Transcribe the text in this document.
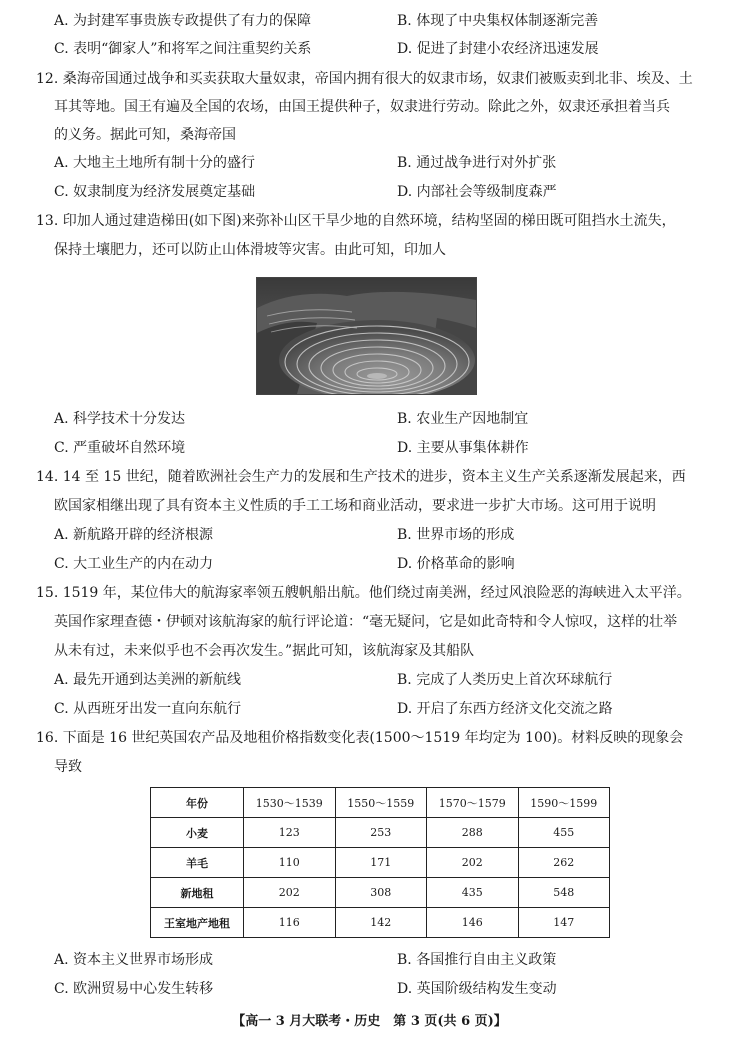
A. 为封建军事贵族专政提供了有力的保障	B. 体现了中央集权体制逐渐完善
C. 表明“御家人”和将军之间注重契约关系	D. 促进了封建小农经济迅速发展
12. 桑海帝国通过战争和买卖获取大量奴隶，帝国内拥有很大的奴隶市场，奴隶们被贩卖到北非、埃及、土
耳其等地。国王有遍及全国的农场，由国王提供种子，奴隶进行劳动。除此之外，奴隶还承担着当兵
的义务。据此可知，桑海帝国
A. 大地主土地所有制十分的盛行	B. 通过战争进行对外扩张
C. 奴隶制度为经济发展奠定基础	D. 内部社会等级制度森严
13. 印加人通过建造梯田(如下图)来弥补山区干旱少地的自然环境，结构坚固的梯田既可阻挡水土流失，
保持土壤肥力，还可以防止山体滑坡等灾害。由此可知，印加人
A. 科学技术十分发达	B. 农业生产因地制宜
C. 严重破坏自然环境	D. 主要从事集体耕作
14. 14 至 15 世纪，随着欧洲社会生产力的发展和生产技术的进步，资本主义生产关系逐渐发展起来，西
欧国家相继出现了具有资本主义性质的手工工场和商业活动，要求进一步扩大市场。这可用于说明
A. 新航路开辟的经济根源	B. 世界市场的形成
C. 大工业生产的内在动力	D. 价格革命的影响
15. 1519 年，某位伟大的航海家率领五艘帆船出航。他们绕过南美洲，经过风浪险恶的海峡进入太平洋。
英国作家理查德・伊顿对该航海家的航行评论道：“毫无疑问，它是如此奇特和令人惊叹，这样的壮举
从未有过，未来似乎也不会再次发生。”据此可知，该航海家及其船队
A. 最先开通到达美洲的新航线	B. 完成了人类历史上首次环球航行
C. 从西班牙出发一直向东航行	D. 开启了东西方经济文化交流之路
16. 下面是 16 世纪英国农产品及地租价格指数变化表(1500～1519 年均定为 100)。材料反映的现象会
导致
年份	1530～1539	1550～1559	1570～1579	1590～1599
小麦	123	253	288	455
羊毛	110	171	202	262
新地租	202	308	435	548
王室地产地租	116	142	146	147
A. 资本主义世界市场形成	B. 各国推行自由主义政策
C. 欧洲贸易中心发生转移	D. 英国阶级结构发生变动
【高一 3 月大联考・历史　第 3 页(共 6 页)】
